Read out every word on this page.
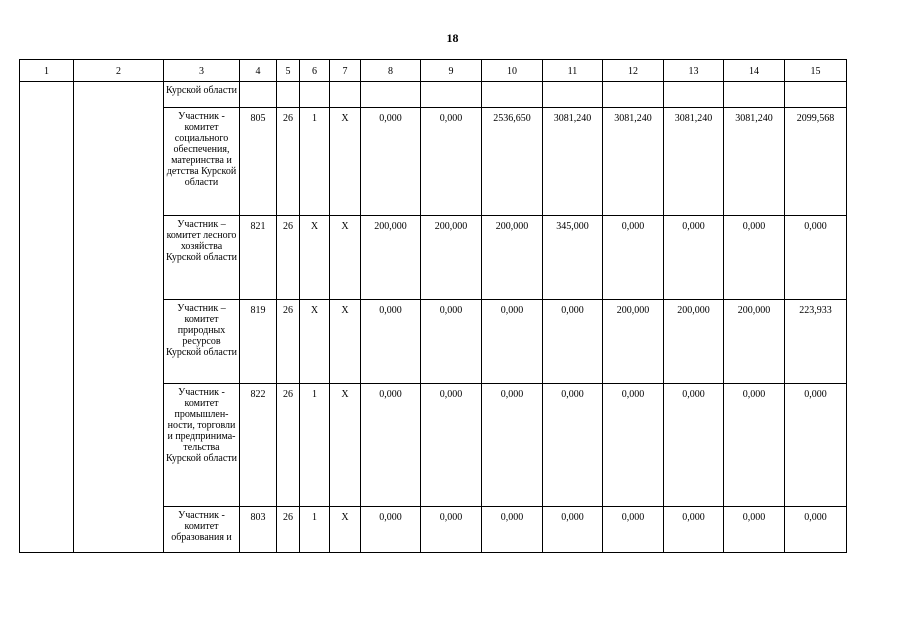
18
1	2	3	4	5	6	7	8	9	10	11	12	13	14	15
		Курской области												
		Участник - комитет социального обеспечения, материнства и детства Курской области	805	26	1	X	0,000	0,000	2536,650	3081,240	3081,240	3081,240	3081,240	2099,568
		Участник – комитет лесного хозяйства Курской области	821	26	X	X	200,000	200,000	200,000	345,000	0,000	0,000	0,000	0,000
		Участник – комитет природных ресурсов Курской области	819	26	X	X	0,000	0,000	0,000	0,000	200,000	200,000	200,000	223,933
		Участник - комитет промышлен-ности, торговли и предпринима-тельства Курской области	822	26	1	X	0,000	0,000	0,000	0,000	0,000	0,000	0,000	0,000
		Участник - комитет образования и	803	26	1	X	0,000	0,000	0,000	0,000	0,000	0,000	0,000	0,000
